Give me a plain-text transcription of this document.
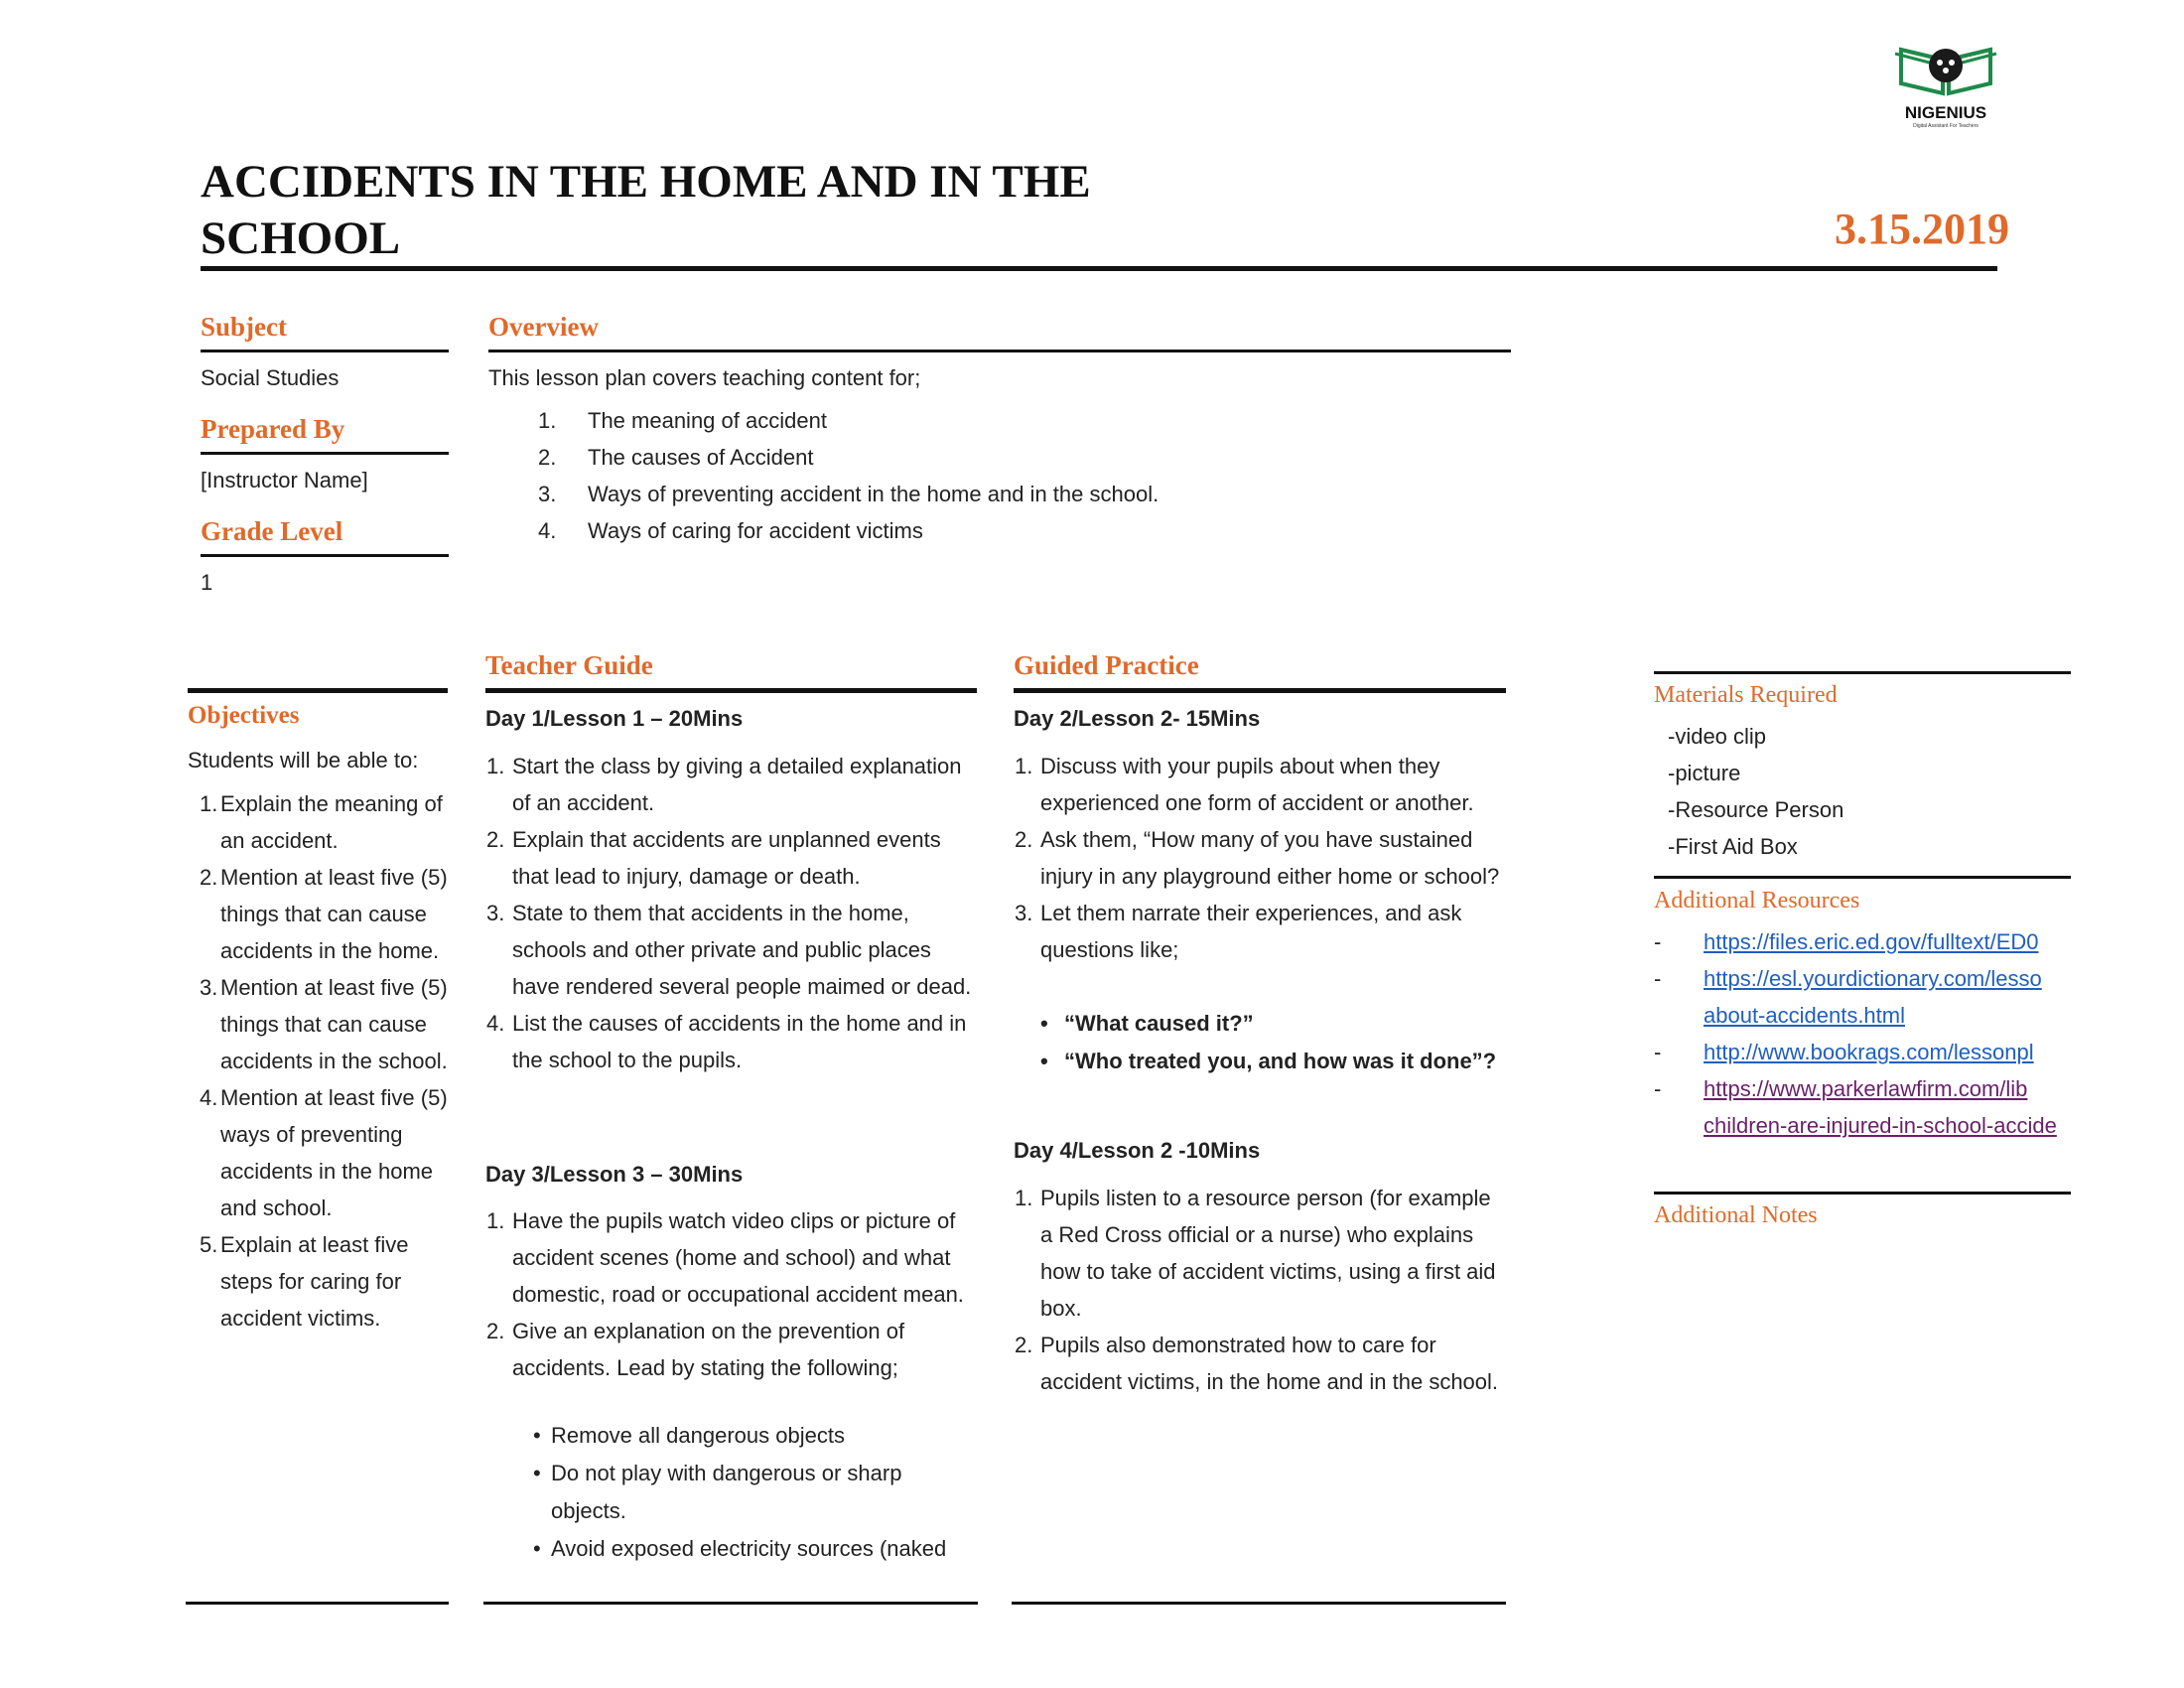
NIGENIUS
Digital Assistant For Teachers
ACCIDENTS IN THE HOME AND IN THE SCHOOL	3.15.2019
Subject
Social Studies
Prepared By
[Instructor Name]
Grade Level
1
Overview
This lesson plan covers teaching content for;
1. The meaning of accident
2. The causes of Accident
3. Ways of preventing accident in the home and in the school.
4. Ways of caring for accident victims
Objectives
Students will be able to:
1. Explain the meaning of an accident.
2. Mention at least five (5) things that can cause accidents in the home.
3. Mention at least five (5) things that can cause accidents in the school.
4. Mention at least five (5) ways of preventing accidents in the home and school.
5. Explain at least five steps for caring for accident victims.
Teacher Guide
Day 1/Lesson 1 – 20Mins
1. Start the class by giving a detailed explanation of an accident.
2. Explain that accidents are unplanned events that lead to injury, damage or death.
3. State to them that accidents in the home, schools and other private and public places have rendered several people maimed or dead.
4. List the causes of accidents in the home and in the school to the pupils.
Day 3/Lesson 3 – 30Mins
1. Have the pupils watch video clips or picture of accident scenes (home and school) and what domestic, road or occupational accident mean.
2. Give an explanation on the prevention of accidents. Lead by stating the following;
• Remove all dangerous objects
• Do not play with dangerous or sharp objects.
• Avoid exposed electricity sources (naked
Guided Practice
Day 2/Lesson 2- 15Mins
1. Discuss with your pupils about when they experienced one form of accident or another.
2. Ask them, “How many of you have sustained injury in any playground either home or school?
3. Let them narrate their experiences, and ask questions like;
• “What caused it?”
• “Who treated you, and how was it done”?
Day 4/Lesson 2 -10Mins
1. Pupils listen to a resource person (for example a Red Cross official or a nurse) who explains how to take of accident victims, using a first aid box.
2. Pupils also demonstrated how to care for accident victims, in the home and in the school.
Materials Required
-video clip
-picture
-Resource Person
-First Aid Box
Additional Resources
- https://files.eric.ed.gov/fulltext/ED0
- https://esl.yourdictionary.com/lesso
about-accidents.html
- http://www.bookrags.com/lessonpl
- https://www.parkerlawfirm.com/lib
children-are-injured-in-school-accide
Additional Notes
